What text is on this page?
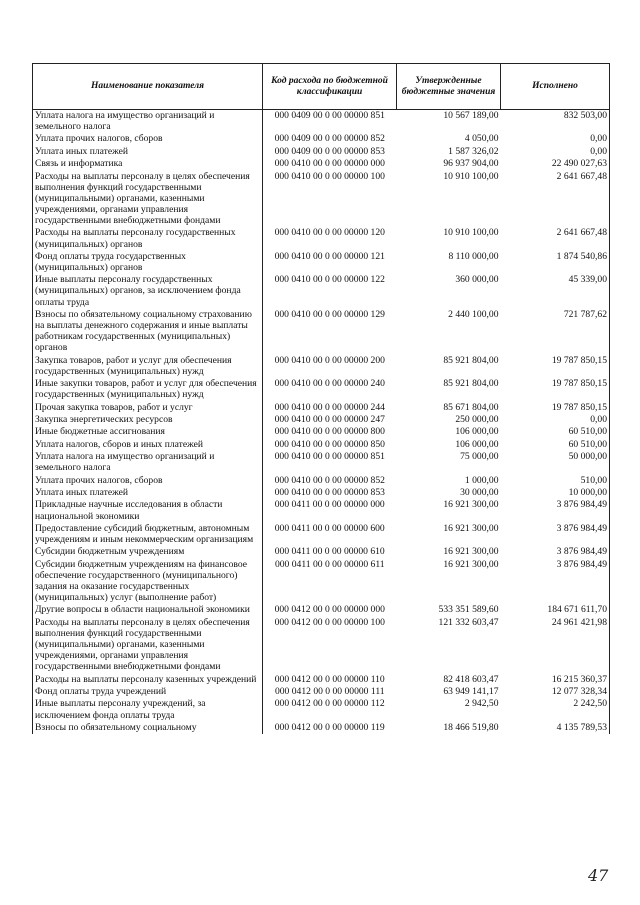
Наименование показателя	Код расхода по бюджетной классификации	Утвержденные бюджетные значения	Исполнено
Уплата налога на имущество организаций и земельного налога	000 0409 00 0 00 00000 851	10 567 189,00	832 503,00
Уплата прочих налогов, сборов	000 0409 00 0 00 00000 852	4 050,00	0,00
Уплата иных платежей	000 0409 00 0 00 00000 853	1 587 326,02	0,00
Связь и информатика	000 0410 00 0 00 00000 000	96 937 904,00	22 490 027,63
Расходы на выплаты персоналу в целях обеспечения выполнения функций государственными (муниципальными) органами, казенными учреждениями, органами управления государственными внебюджетными фондами	000 0410 00 0 00 00000 100	10 910 100,00	2 641 667,48
Расходы на выплаты персоналу государственных (муниципальных) органов	000 0410 00 0 00 00000 120	10 910 100,00	2 641 667,48
Фонд оплаты труда государственных (муниципальных) органов	000 0410 00 0 00 00000 121	8 110 000,00	1 874 540,86
Иные выплаты персоналу государственных (муниципальных) органов, за исключением фонда оплаты труда	000 0410 00 0 00 00000 122	360 000,00	45 339,00
Взносы по обязательному социальному страхованию на выплаты денежного содержания и иные выплаты работникам государственных (муниципальных) органов	000 0410 00 0 00 00000 129	2 440 100,00	721 787,62
Закупка товаров, работ и услуг для обеспечения государственных (муниципальных) нужд	000 0410 00 0 00 00000 200	85 921 804,00	19 787 850,15
Иные закупки товаров, работ и услуг для обеспечения государственных (муниципальных) нужд	000 0410 00 0 00 00000 240	85 921 804,00	19 787 850,15
Прочая закупка товаров, работ и услуг	000 0410 00 0 00 00000 244	85 671 804,00	19 787 850,15
Закупка энергетических ресурсов	000 0410 00 0 00 00000 247	250 000,00	0,00
Иные бюджетные ассигнования	000 0410 00 0 00 00000 800	106 000,00	60 510,00
Уплата налогов, сборов и иных платежей	000 0410 00 0 00 00000 850	106 000,00	60 510,00
Уплата налога на имущество организаций и земельного налога	000 0410 00 0 00 00000 851	75 000,00	50 000,00
Уплата прочих налогов, сборов	000 0410 00 0 00 00000 852	1 000,00	510,00
Уплата иных платежей	000 0410 00 0 00 00000 853	30 000,00	10 000,00
Прикладные научные исследования в области национальной экономики	000 0411 00 0 00 00000 000	16 921 300,00	3 876 984,49
Предоставление субсидий бюджетным, автономным учреждениям и иным некоммерческим организациям	000 0411 00 0 00 00000 600	16 921 300,00	3 876 984,49
Субсидии бюджетным учреждениям	000 0411 00 0 00 00000 610	16 921 300,00	3 876 984,49
Субсидии бюджетным учреждениям на финансовое обеспечение государственного (муниципального) задания на оказание государственных (муниципальных) услуг (выполнение работ)	000 0411 00 0 00 00000 611	16 921 300,00	3 876 984,49
Другие вопросы в области национальной экономики	000 0412 00 0 00 00000 000	533 351 589,60	184 671 611,70
Расходы на выплаты персоналу в целях обеспечения выполнения функций государственными (муниципальными) органами, казенными учреждениями, органами управления государственными внебюджетными фондами	000 0412 00 0 00 00000 100	121 332 603,47	24 961 421,98
Расходы на выплаты персоналу казенных учреждений	000 0412 00 0 00 00000 110	82 418 603,47	16 215 360,37
Фонд оплаты труда учреждений	000 0412 00 0 00 00000 111	63 949 141,17	12 077 328,34
Иные выплаты персоналу учреждений, за исключением фонда оплаты труда	000 0412 00 0 00 00000 112	2 942,50	2 242,50
Взносы по обязательному социальному	000 0412 00 0 00 00000 119	18 466 519,80	4 135 789,53
47
